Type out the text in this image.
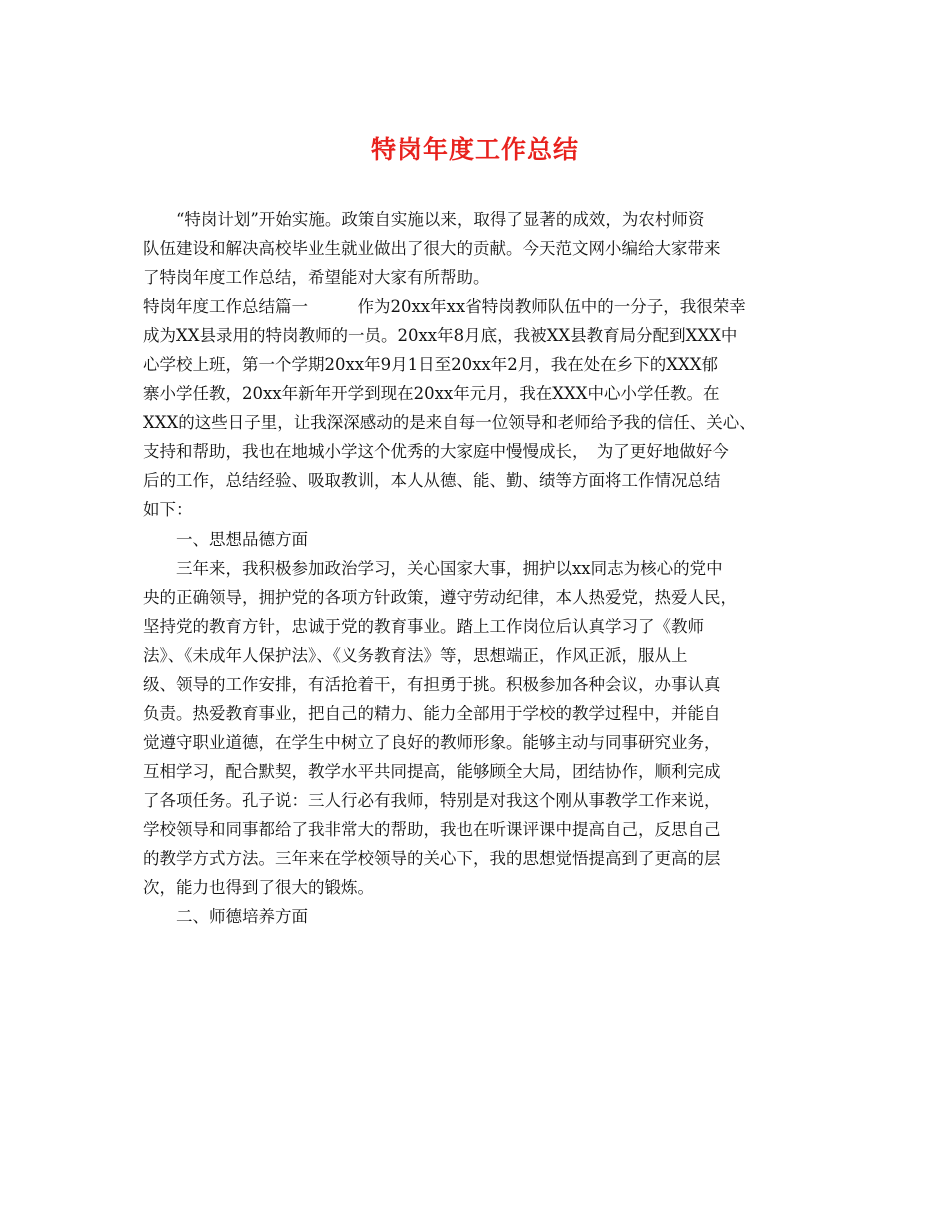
特岗年度工作总结
“特岗计划”开始实施。政策自实施以来，取得了显著的成效，为农村师资
队伍建设和解决高校毕业生就业做出了很大的贡献。今天范文网小编给大家带来
了特岗年度工作总结，希望能对大家有所帮助。
特岗年度工作总结篇一　　　作为20xx年xx省特岗教师队伍中的一分子，我很荣幸
成为XX县录用的特岗教师的一员。20xx年8月底，我被XX县教育局分配到XXX中
心学校上班，第一个学期20xx年9月1日至20xx年2月，我在处在乡下的XXX郁
寨小学任教，20xx年新年开学到现在20xx年元月，我在XXX中心小学任教。在
XXX的这些日子里，让我深深感动的是来自每一位领导和老师给予我的信任、关心、
支持和帮助，我也在地城小学这个优秀的大家庭中慢慢成长，　为了更好地做好今
后的工作，总结经验、吸取教训，本人从德、能、勤、绩等方面将工作情况总结
如下：
一、思想品德方面
三年来，我积极参加政治学习，关心国家大事，拥护以xx同志为核心的党中
央的正确领导，拥护党的各项方针政策，遵守劳动纪律，本人热爱党，热爱人民，
坚持党的教育方针，忠诚于党的教育事业。踏上工作岗位后认真学习了《教师
法》、《未成年人保护法》、《义务教育法》等，思想端正，作风正派，服从上
级、领导的工作安排，有活抢着干，有担勇于挑。积极参加各种会议，办事认真
负责。热爱教育事业，把自己的精力、能力全部用于学校的教学过程中，并能自
觉遵守职业道德，在学生中树立了良好的教师形象。能够主动与同事研究业务，
互相学习，配合默契，教学水平共同提高，能够顾全大局，团结协作，顺利完成
了各项任务。孔子说：三人行必有我师，特别是对我这个刚从事教学工作来说，
学校领导和同事都给了我非常大的帮助，我也在听课评课中提高自己，反思自己
的教学方式方法。三年来在学校领导的关心下，我的思想觉悟提高到了更高的层
次，能力也得到了很大的锻炼。
二、师德培养方面
